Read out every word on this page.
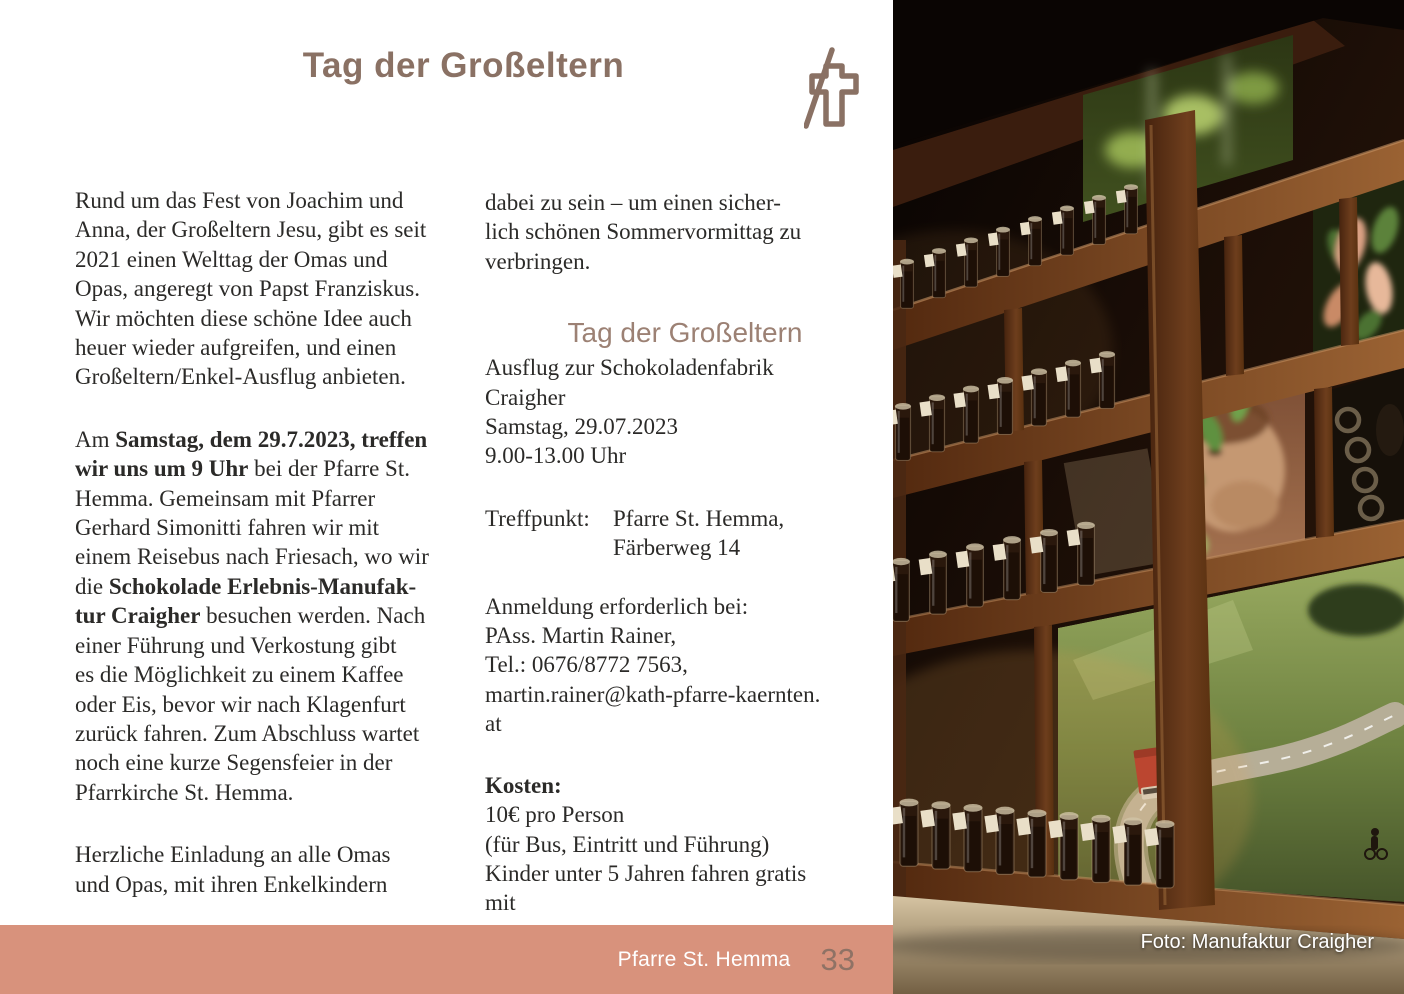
Tag der Großeltern

Rund um das Fest von Joachim und
Anna, der Großeltern Jesu, gibt es seit
2021 einen Welttag der Omas und
Opas, angeregt von Papst Franziskus.
Wir möchten diese schöne Idee auch
heuer wieder aufgreifen, und einen
Großeltern/Enkel-Ausflug anbieten.

Am Samstag, dem 29.7.2023, treffen
wir uns um 9 Uhr bei der Pfarre St.
Hemma. Gemeinsam mit Pfarrer
Gerhard Simonitti fahren wir mit
einem Reisebus nach Friesach, wo wir
die Schokolade Erlebnis-Manufak-
tur Craigher besuchen werden. Nach
einer Führung und Verkostung gibt
es die Möglichkeit zu einem Kaffee
oder Eis, bevor wir nach Klagenfurt
zurück fahren. Zum Abschluss wartet
noch eine kurze Segensfeier in der
Pfarrkirche St. Hemma.

Herzliche Einladung an alle Omas
und Opas, mit ihren Enkelkindern

dabei zu sein – um einen sicher-
lich schönen Sommervormittag zu
verbringen.

Tag der Großeltern

Ausflug zur Schokoladenfabrik
Craigher
Samstag, 29.07.2023
9.00-13.00 Uhr

Treffpunkt:	Pfarre St. Hemma,
Färberweg 14

Anmeldung erforderlich bei:
PAss. Martin Rainer,
Tel.: 0676/8772 7563,
martin.rainer@kath-pfarre-kaernten.
at

Kosten:
10€ pro Person
(für Bus, Eintritt und Führung)
Kinder unter 5 Jahren fahren gratis
mit

Pfarre St. Hemma 33	Foto: Manufaktur Craigher
